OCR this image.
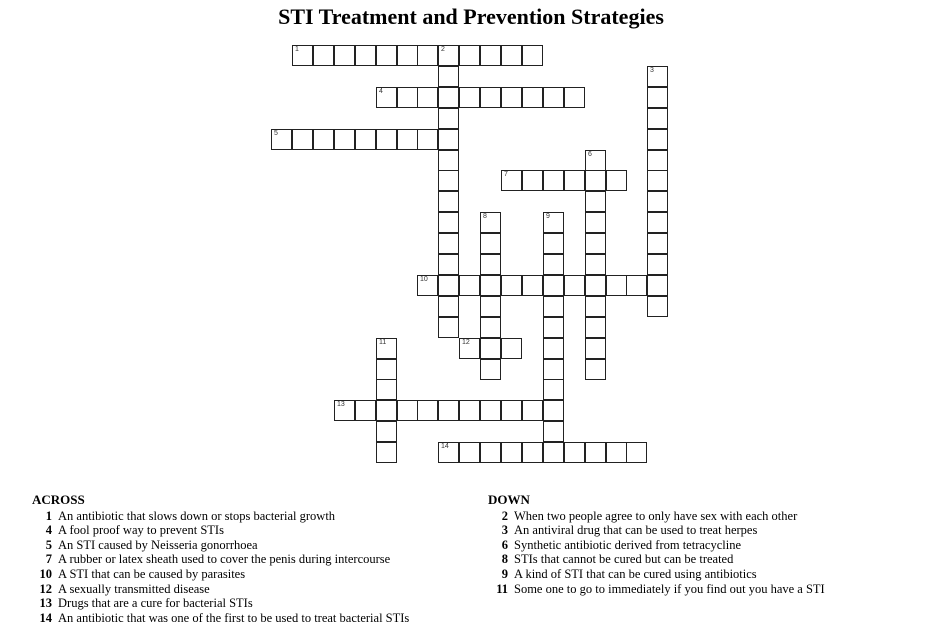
STI Treatment and Prevention Strategies
1	2
3
4
5
6
7
8	9
10
11	12
13
14
ACROSS
1 An antibiotic that slows down or stops bacterial growth
4 A fool proof way to prevent STIs
5 An STI caused by Neisseria gonorrhoea
7 A rubber or latex sheath used to cover the penis during intercourse
10 A STI that can be caused by parasites
12 A sexually transmitted disease
13 Drugs that are a cure for bacterial STIs
14 An antibiotic that was one of the first to be used to treat bacterial STIs
DOWN
2 When two people agree to only have sex with each other
3 An antiviral drug that can be used to treat herpes
6 Synthetic antibiotic derived from tetracycline
8 STIs that cannot be cured but can be treated
9 A kind of STI that can be cured using antibiotics
11 Some one to go to immediately if you find out you have a STI
